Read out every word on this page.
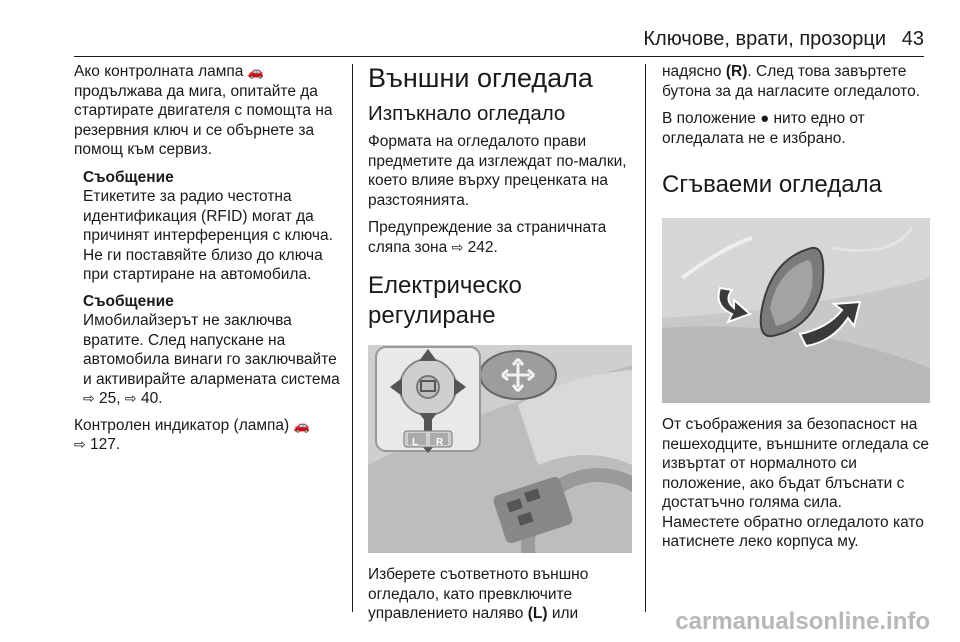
Ключове, врати, прозорци 43

Ако контролната лампа 🚗 продължава да мига, опитайте да стартирате двигателя с помощта на резервния ключ и се обърнете за помощ към сервиз.

Съобщение

Етикетите за радио честотна идентификация (RFID) могат да причинят интерференция с ключа. Не ги поставяйте близо до ключа при стартиране на автомобила.

Съобщение

Имобилайзерът не заключва вратите. След напускане на автомобила винаги го заключвайте и активирайте алармената система ⇨ 25, ⇨ 40.

Контролен индикатор (лампа) 🚗
⇨ 127.

Външни огледала
Изпъкнало огледало

Формата на огледалото прави предметите да изглеждат по-малки, което влияе върху преценката на разстоянията.

Предупреждение за страничната сляпа зона ⇨ 242.

Електрическо регулиране
L R

Изберете съответното външно огледало, като превключите управлението наляво (L) или

надясно (R). След това завъртете бутона за да нагласите огледалото.

В положение ● нито едно от огледалата не е избрано.

Сгъваеми огледала

От съображения за безопасност на пешеходците, външните огледала се извъртат от нормалното си положение, ако бъдат блъснати с достатъчно голяма сила.

Наместете обратно огледалото като натиснете леко корпуса му.

carmanualsonline.info
